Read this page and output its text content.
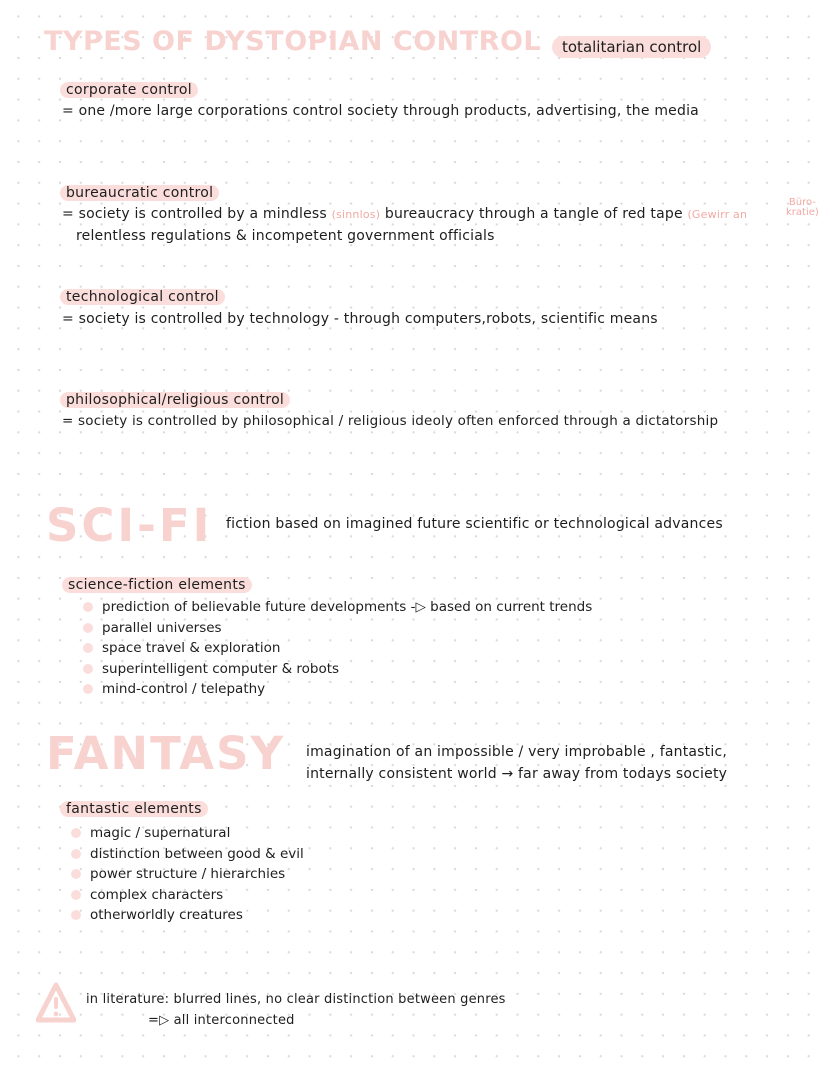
TYPES OF DYSTOPIAN CONTROL	totalitarian control
corporate control
= one /more large corporations control society through products, advertising, the media
bureaucratic control
= society is controlled by a mindless (sinnlos) bureaucracy through a tangle of red tape (Gewirr an
Büro-
kratie)
relentless regulations & incompetent government officials
technological control
= society is controlled by technology - through computers,robots, scientific means
philosophical/religious control
= society is controlled by philosophical / religious ideoly often enforced through a dictatorship
SCI-FI fiction based on imagined future scientific or technological advances
science-fiction elements
prediction of believable future developments -▷ based on current trends
parallel universes
space travel & exploration
superintelligent computer & robots
mind-control / telepathy
FANTASY imagination of an impossible / very improbable , fantastic,
internally consistent world → far away from todays society
fantastic elements
magic / supernatural
distinction between good & evil
power structure / hierarchies
complex characters
otherworldly creatures
in literature: blurred lines, no clear distinction between genres
=▷ all interconnected
